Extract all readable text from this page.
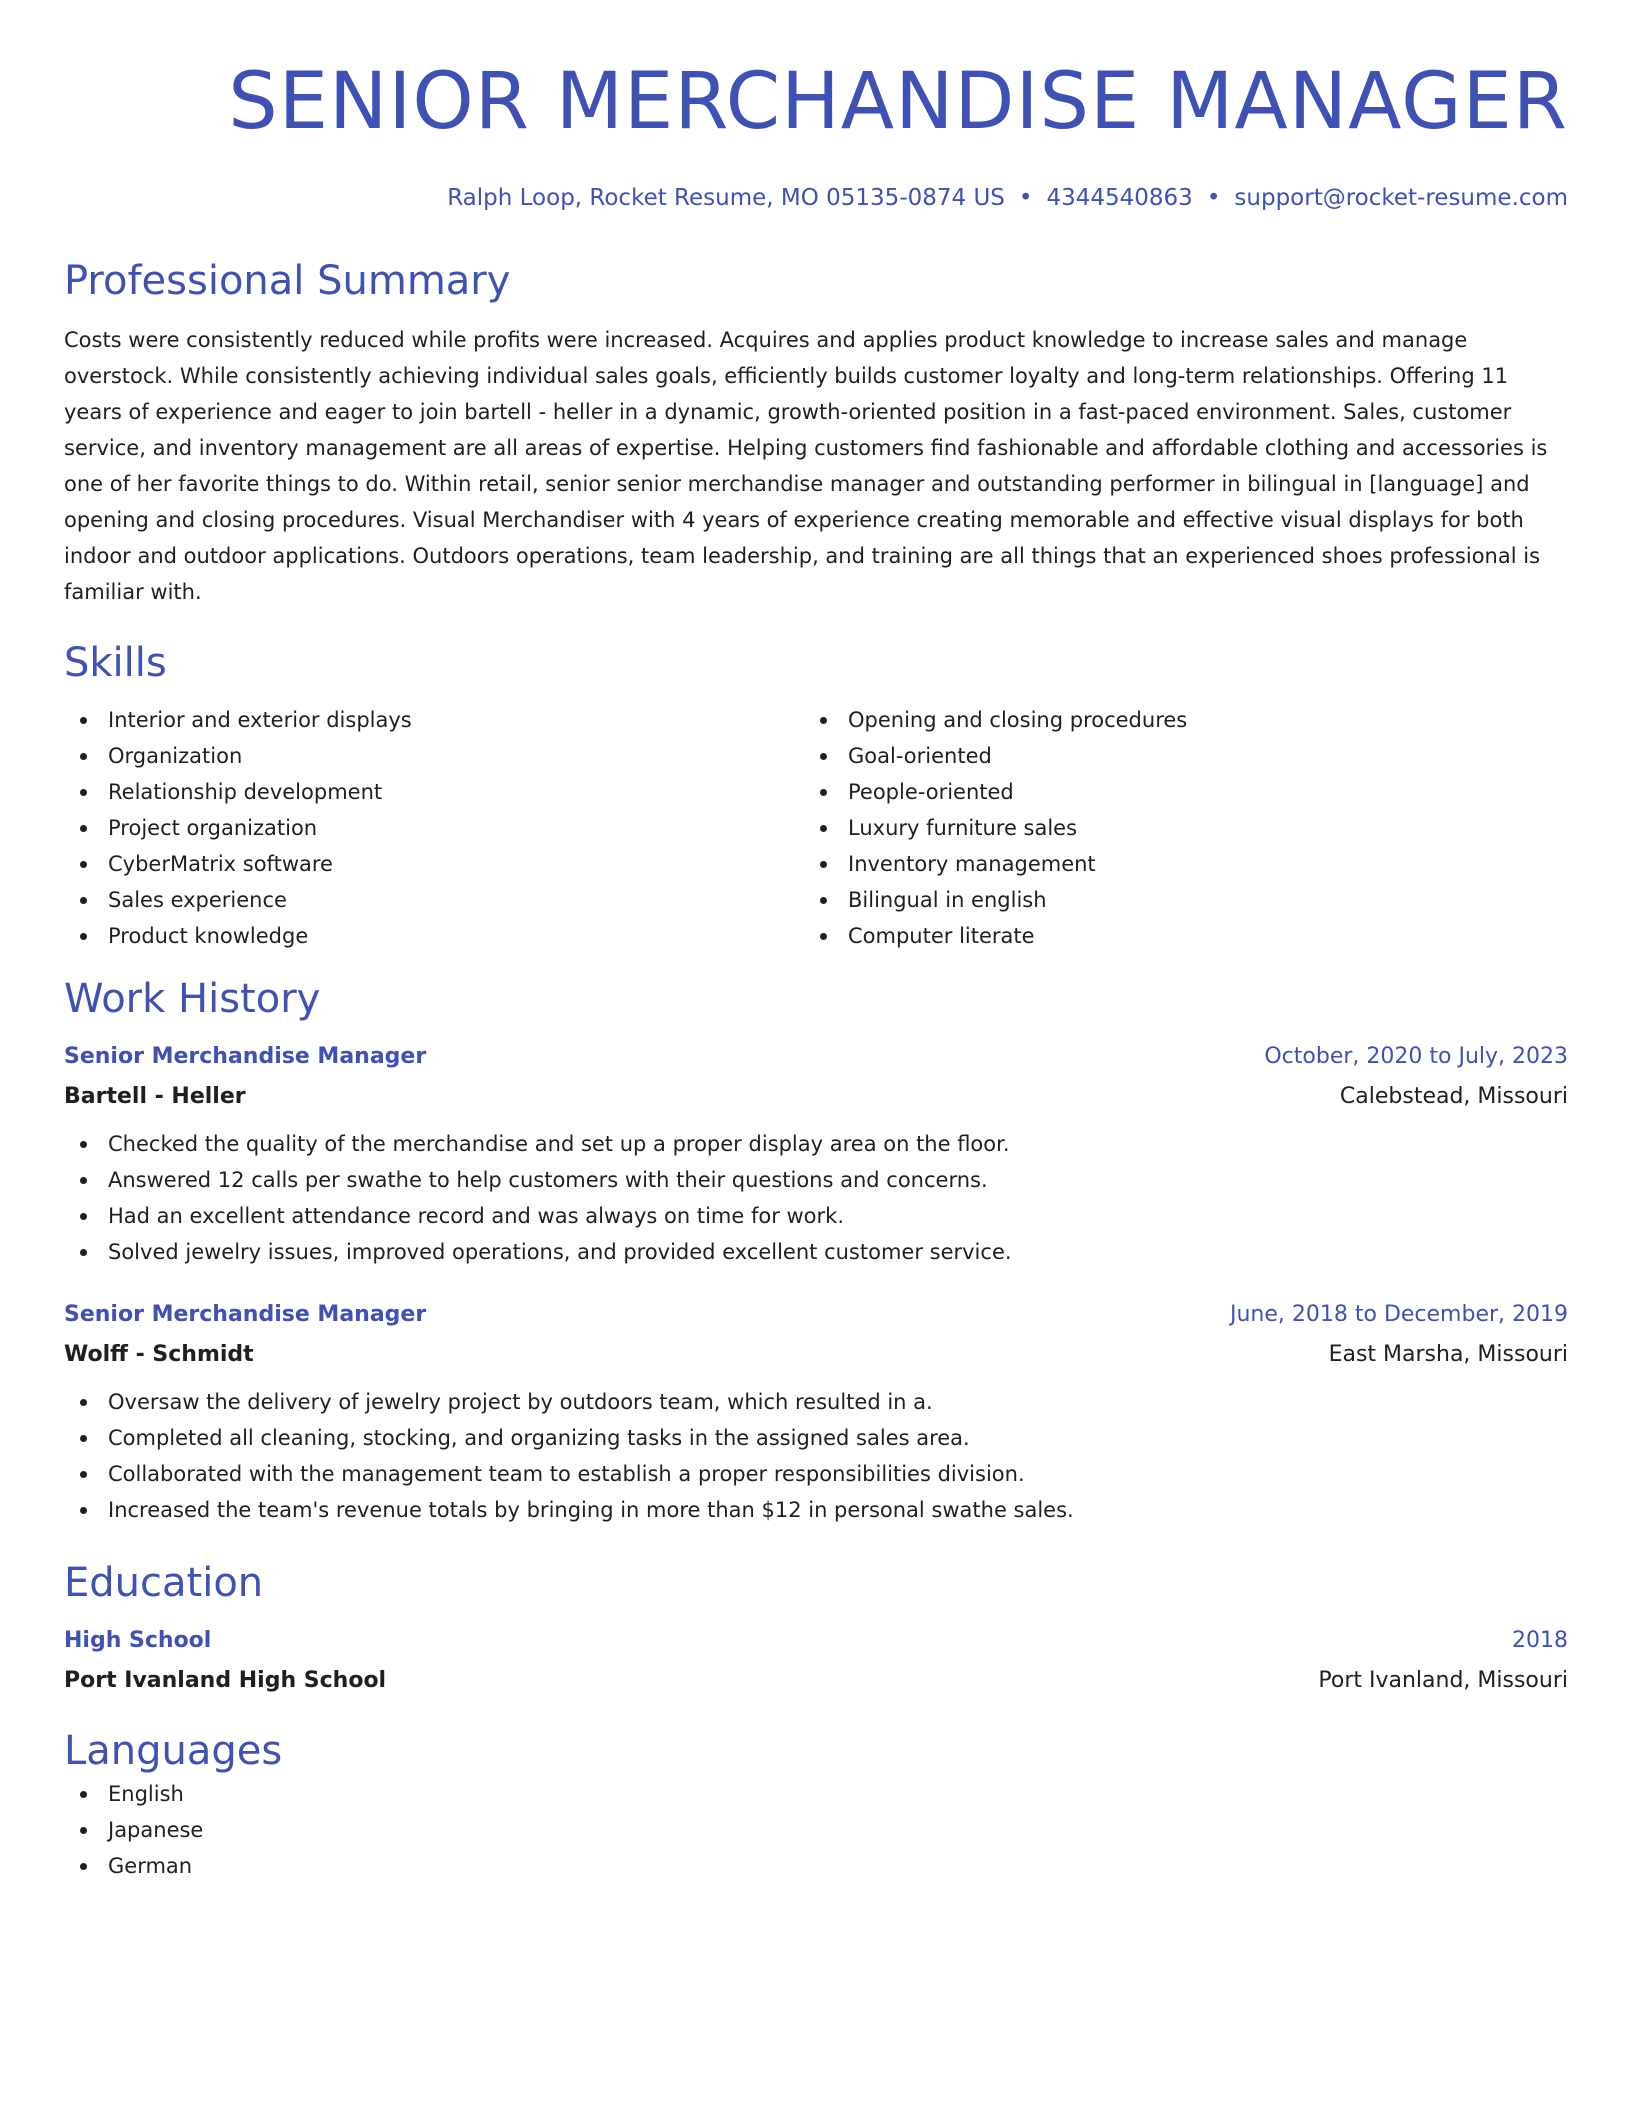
SENIOR MERCHANDISE MANAGER
Ralph Loop, Rocket Resume, MO 05135-0874 US • 4344540863 • support@rocket-resume.com
Professional Summary
Costs were consistently reduced while profits were increased. Acquires and applies product knowledge to increase sales and manage overstock. While consistently achieving individual sales goals, efficiently builds customer loyalty and long-term relationships. Offering 11 years of experience and eager to join bartell - heller in a dynamic, growth-oriented position in a fast-paced environment. Sales, customer service, and inventory management are all areas of expertise. Helping customers find fashionable and affordable clothing and accessories is one of her favorite things to do. Within retail, senior senior merchandise manager and outstanding performer in bilingual in [language] and opening and closing procedures. Visual Merchandiser with 4 years of experience creating memorable and effective visual displays for both indoor and outdoor applications. Outdoors operations, team leadership, and training are all things that an experienced shoes professional is familiar with.
Skills
Interior and exterior displays
Organization
Relationship development
Project organization
CyberMatrix software
Sales experience
Product knowledge
Opening and closing procedures
Goal-oriented
People-oriented
Luxury furniture sales
Inventory management
Bilingual in english
Computer literate
Work History
Senior Merchandise Manager	October, 2020 to July, 2023
Bartell - Heller	Calebstead, Missouri
Checked the quality of the merchandise and set up a proper display area on the floor.
Answered 12 calls per swathe to help customers with their questions and concerns.
Had an excellent attendance record and was always on time for work.
Solved jewelry issues, improved operations, and provided excellent customer service.
Senior Merchandise Manager	June, 2018 to December, 2019
Wolff - Schmidt	East Marsha, Missouri
Oversaw the delivery of jewelry project by outdoors team, which resulted in a.
Completed all cleaning, stocking, and organizing tasks in the assigned sales area.
Collaborated with the management team to establish a proper responsibilities division.
Increased the team's revenue totals by bringing in more than $12 in personal swathe sales.
Education
High School	2018
Port Ivanland High School	Port Ivanland, Missouri
Languages
English
Japanese
German
